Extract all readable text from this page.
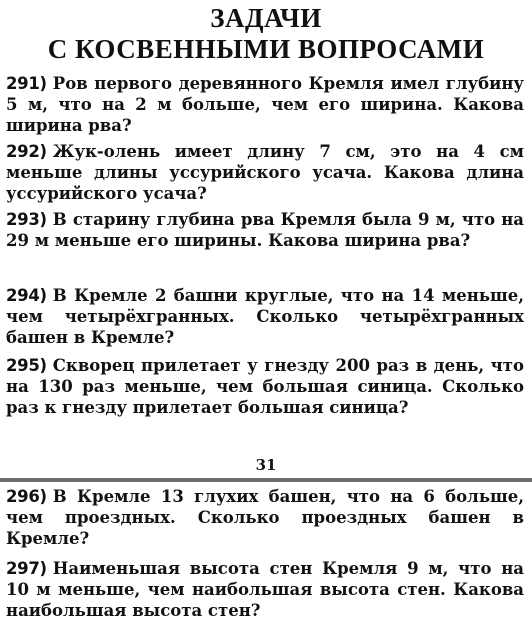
ЗАДАЧИ
С КОСВЕННЫМИ ВОПРОСАМИ

291) Ров первого деревянного Кремля имел глубину 5 м, что на 2 м больше, чем его ширина. Какова ширина рва?

292) Жук-олень имеет длину 7 см, это на 4 см меньше длины уссурийского усача. Какова длина уссурийского усача?

293) В старину глубина рва Кремля была 9 м, что на 29 м меньше его ширины. Какова ширина рва?

294) В Кремле 2 башни круглые, что на 14 меньше, чем четырёхгранных. Сколько четырёхгранных башен в Кремле?

295) Скворец прилетает у гнезду 200 раз в день, что на 130 раз меньше, чем большая синица. Сколько раз к гнезду прилетает большая синица?

31

296) В Кремле 13 глухих башен, что на 6 больше, чем проездных. Сколько проездных башен в Кремле?

297) Наименьшая высота стен Кремля 9 м, что на 10 м меньше, чем наибольшая высота стен. Какова наибольшая высота стен?
